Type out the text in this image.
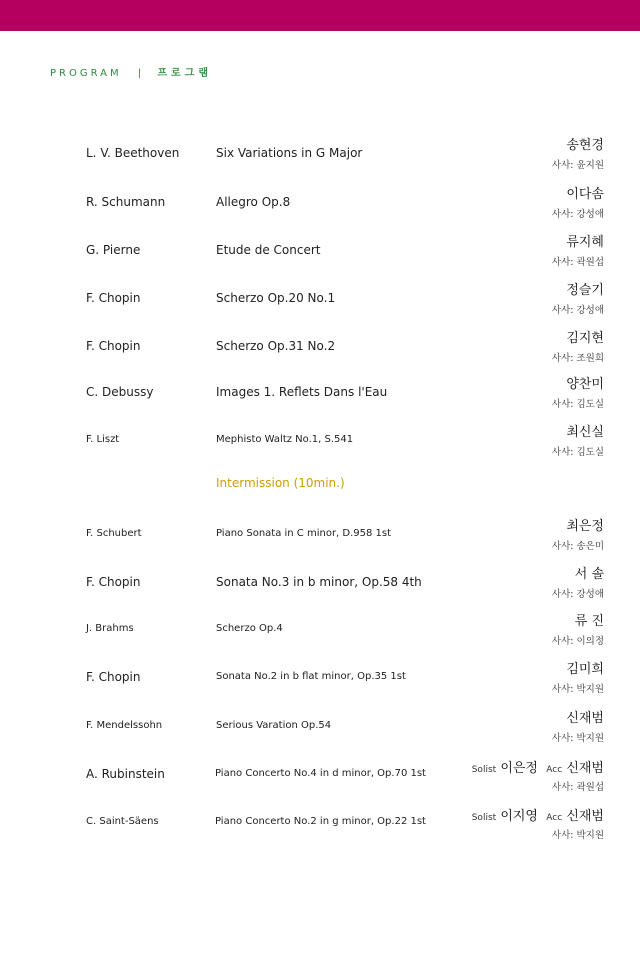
PROGRAM | 프로그램
L. V. Beethoven	Six Variations in G Major	송현경
사사: 윤지원
R. Schumann	Allegro Op.8	이다솜
사사: 강성애
G. Pierne	Etude de Concert	류지혜
사사: 곽원섭
F. Chopin	Scherzo Op.20 No.1	정슬기
사사: 강성애
F. Chopin	Scherzo Op.31 No.2	김지현
사사: 조원희
C. Debussy	Images 1. Reflets Dans l'Eau	양찬미
사사: 김도실
F. Liszt	Mephisto Waltz No.1, S.541	최신실
사사: 김도실
Intermission (10min.)
F. Schubert	Piano Sonata in C minor, D.958 1st	최은정
사사: 송은미
F. Chopin	Sonata No.3 in b minor, Op.58 4th	서 솔
사사: 강성애
J. Brahms	Scherzo Op.4	류 진
사사: 이의정
F. Chopin	Sonata No.2 in b flat minor, Op.35 1st	김미희
사사: 박지원
F. Mendelssohn	Serious Varation Op.54	신재범
사사: 박지원
A. Rubinstein	Piano Concerto No.4 in d minor, Op.70 1st	Solist 이은정 Acc 신재범
사사: 곽원섭
C. Saint-Säens	Piano Concerto No.2 in g minor, Op.22 1st	Solist 이지영 Acc 신재범
사사: 박지원
